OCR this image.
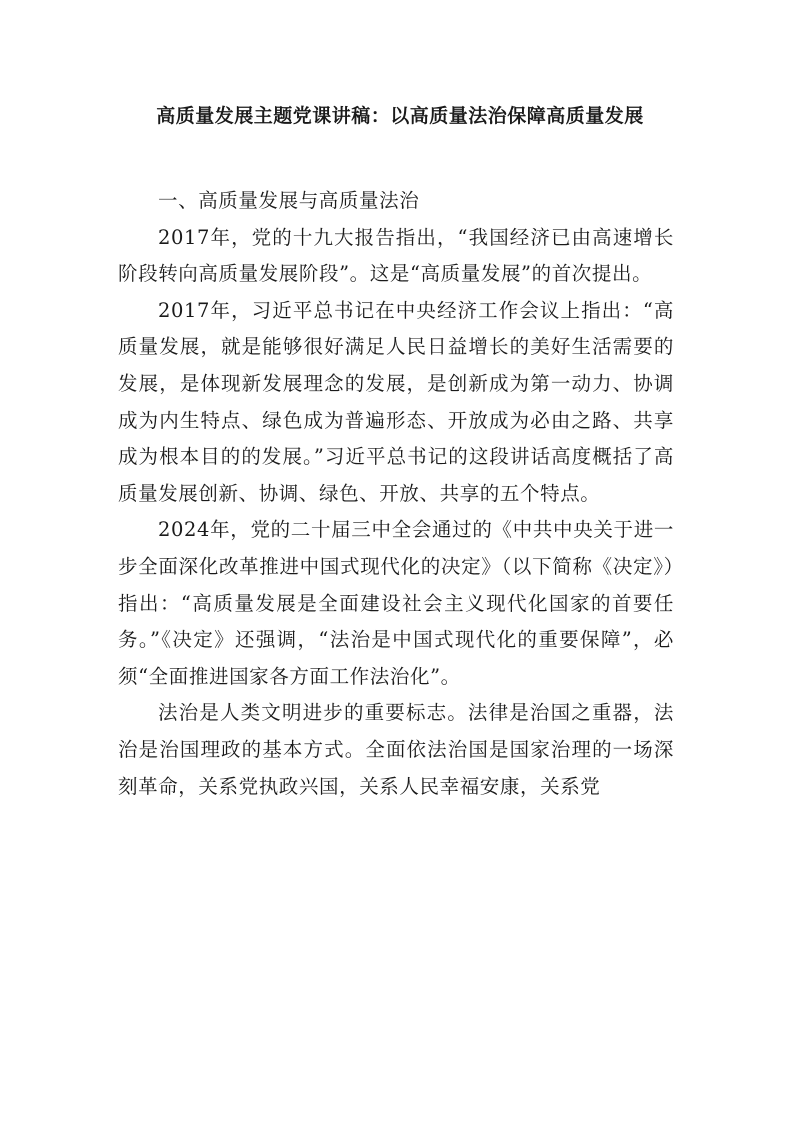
高质量发展主题党课讲稿：以高质量法治保障高质量发展

一、高质量发展与高质量法治

2017年，党的十九大报告指出，“我国经济已由高速增长阶段转向高质量发展阶段”。这是“高质量发展”的首次提出。

2017年，习近平总书记在中央经济工作会议上指出：“高质量发展，就是能够很好满足人民日益增长的美好生活需要的发展，是体现新发展理念的发展，是创新成为第一动力、协调成为内生特点、绿色成为普遍形态、开放成为必由之路、共享成为根本目的的发展。”习近平总书记的这段讲话高度概括了高质量发展创新、协调、绿色、开放、共享的五个特点。

2024年，党的二十届三中全会通过的《中共中央关于进一步全面深化改革推进中国式现代化的决定》（以下简称《决定》）指出：“高质量发展是全面建设社会主义现代化国家的首要任务。”《决定》还强调，“法治是中国式现代化的重要保障”，必须“全面推进国家各方面工作法治化”。

法治是人类文明进步的重要标志。法律是治国之重器，法治是治国理政的基本方式。全面依法治国是国家治理的一场深刻革命，关系党执政兴国，关系人民幸福安康，关系党
